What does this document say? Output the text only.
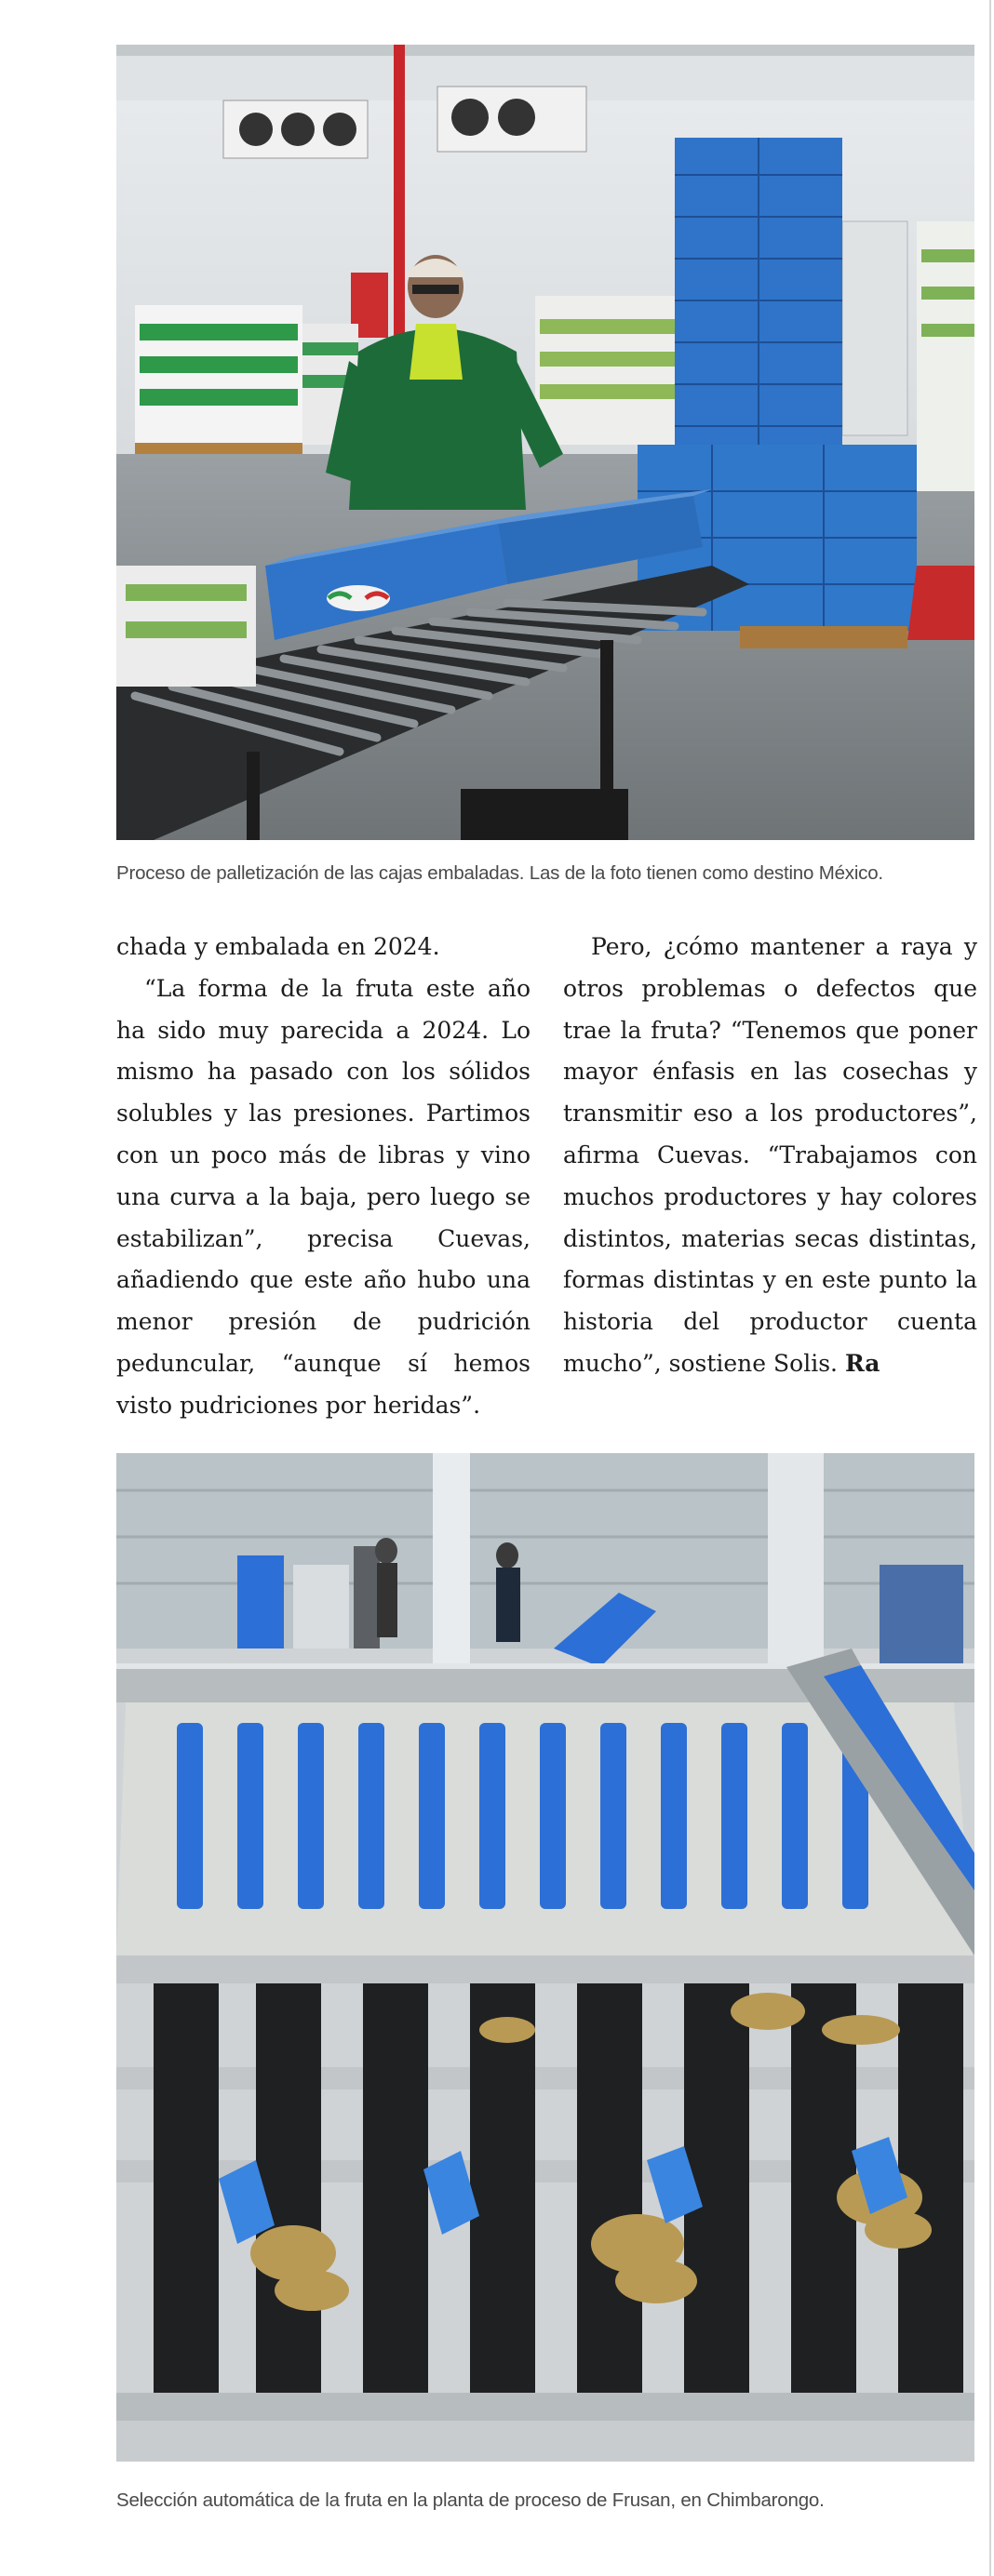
Proceso de palletización de las cajas embaladas. Las de la foto tienen como destino México.

chada y embalada en 2024.

“La forma de la fruta este año ha sido muy parecida a 2024. Lo mismo ha pasado con los sólidos solubles y las presiones. Partimos con un poco más de libras y vino una curva a la baja, pero luego se estabilizan”, precisa Cuevas, añadiendo que este año hubo una menor presión de pudrición peduncular, “aunque sí hemos visto pudriciones por heridas”.

Pero, ¿cómo mantener a raya y otros problemas o defectos que trae la fruta? “Tenemos que poner mayor énfasis en las cosechas y transmitir eso a los productores”, afirma Cuevas. “Trabajamos con muchos productores y hay colores distintos, materias secas distintas, formas distintas y en este punto la historia del productor cuenta mucho”, sostiene Solis. Ra

Selección automática de la fruta en la planta de proceso de Frusan, en Chimbarongo.
